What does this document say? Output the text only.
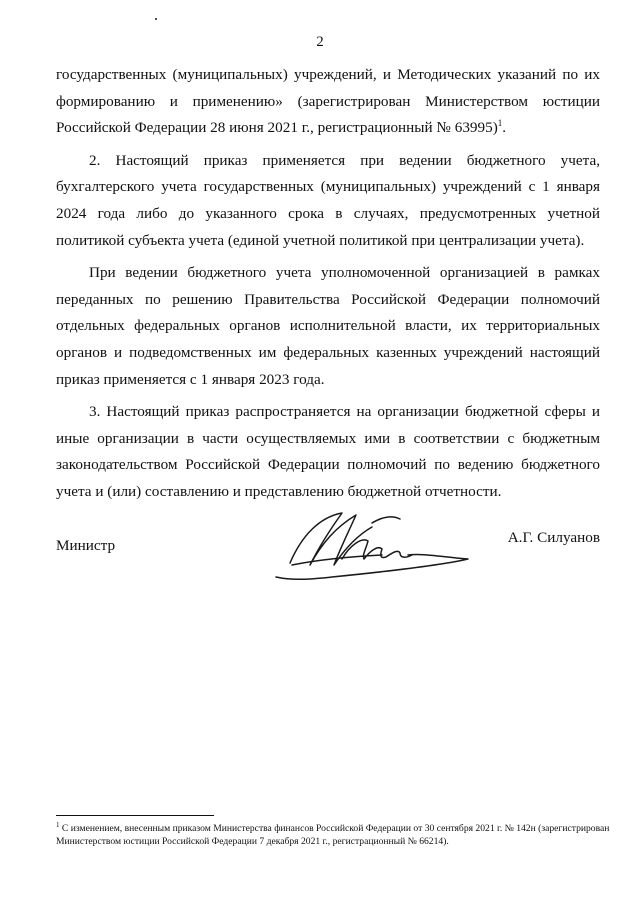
2

государственных (муниципальных) учреждений, и Методических указаний по их формированию и применению» (зарегистрирован Министерством юстиции Российской Федерации 28 июня 2021 г., регистрационный № 63995)$^1$.

2. Настоящий приказ применяется при ведении бюджетного учета, бухгалтерского учета государственных (муниципальных) учреждений с 1 января 2024 года либо до указанного срока в случаях, предусмотренных учетной политикой субъекта учета (единой учетной политикой при централизации учета).

При ведении бюджетного учета уполномоченной организацией в рамках переданных по решению Правительства Российской Федерации полномочий отдельных федеральных органов исполнительной власти, их территориальных органов и подведомственных им федеральных казенных учреждений настоящий приказ применяется с 1 января 2023 года.

3. Настоящий приказ распространяется на организации бюджетной сферы и иные организации в части осуществляемых ими в соответствии с бюджетным законодательством Российской Федерации полномочий по ведению бюджетного учета и (или) составлению и представлению бюджетной отчетности.

Министр	А.Г. Силуанов
$^1$ С изменением, внесенным приказом Министерства финансов Российской Федерации от 30 сентября 2021 г. № 142н (зарегистрирован Министерством юстиции Российской Федерации 7 декабря 2021 г., регистрационный № 66214).
